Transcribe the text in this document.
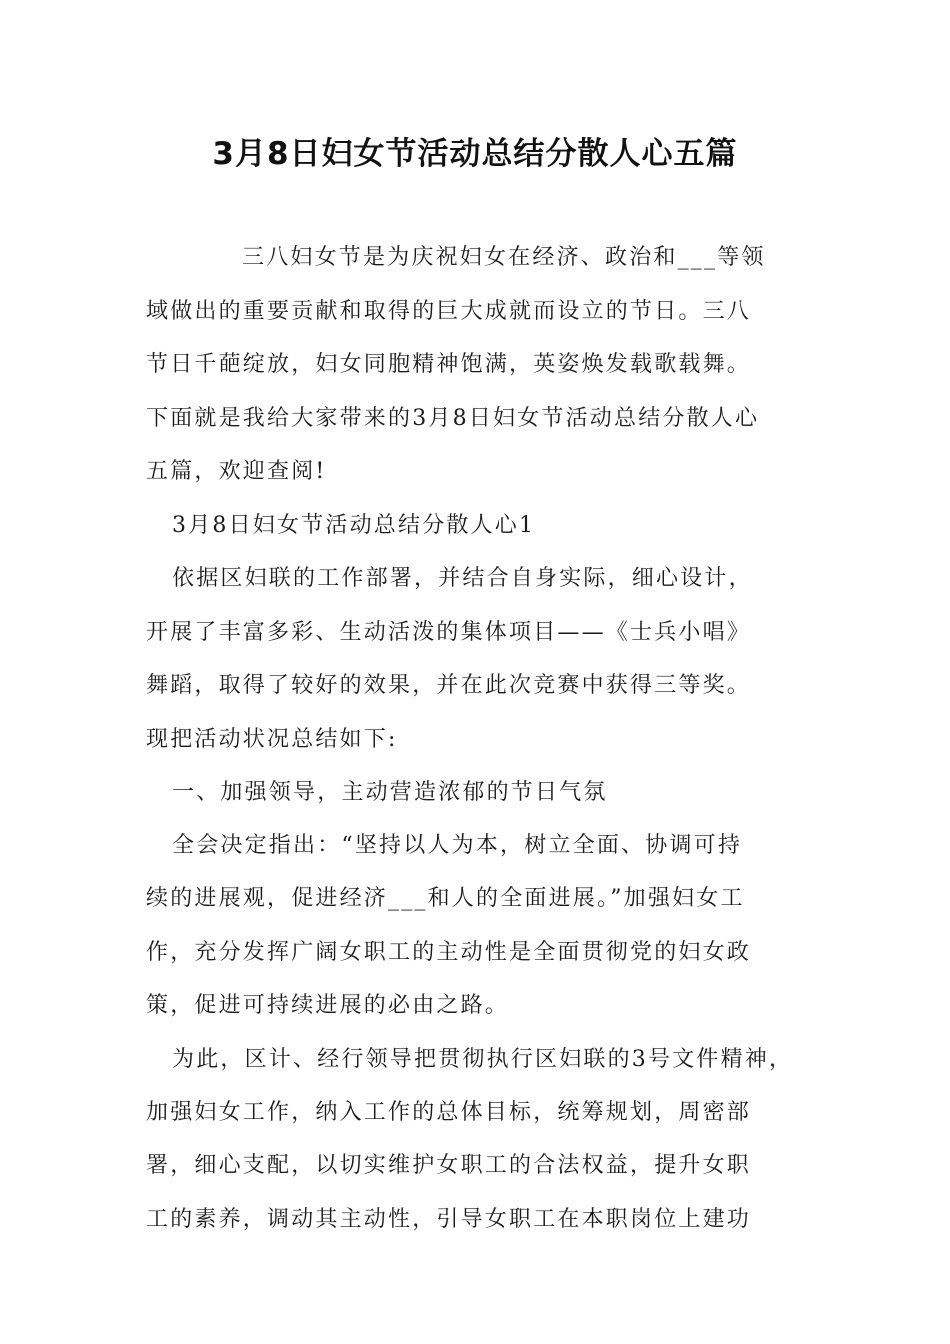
3月8日妇女节活动总结分散人心五篇
三八妇女节是为庆祝妇女在经济、政治和___等领
域做出的重要贡献和取得的巨大成就而设立的节日。三八
节日千葩绽放，妇女同胞精神饱满，英姿焕发载歌载舞。
下面就是我给大家带来的3月8日妇女节活动总结分散人心
五篇，欢迎查阅!
3月8日妇女节活动总结分散人心1
依据区妇联的工作部署，并结合自身实际，细心设计，
开展了丰富多彩、生动活泼的集体项目——《士兵小唱》
舞蹈，取得了较好的效果，并在此次竞赛中获得三等奖。
现把活动状况总结如下:
一、加强领导，主动营造浓郁的节日气氛
全会决定指出：“坚持以人为本，树立全面、协调可持
续的进展观，促进经济___和人的全面进展。”加强妇女工
作，充分发挥广阔女职工的主动性是全面贯彻党的妇女政
策，促进可持续进展的必由之路。
为此，区计、经行领导把贯彻执行区妇联的3号文件精神，
加强妇女工作，纳入工作的总体目标，统筹规划，周密部
署，细心支配，以切实维护女职工的合法权益，提升女职
工的素养，调动其主动性，引导女职工在本职岗位上建功
